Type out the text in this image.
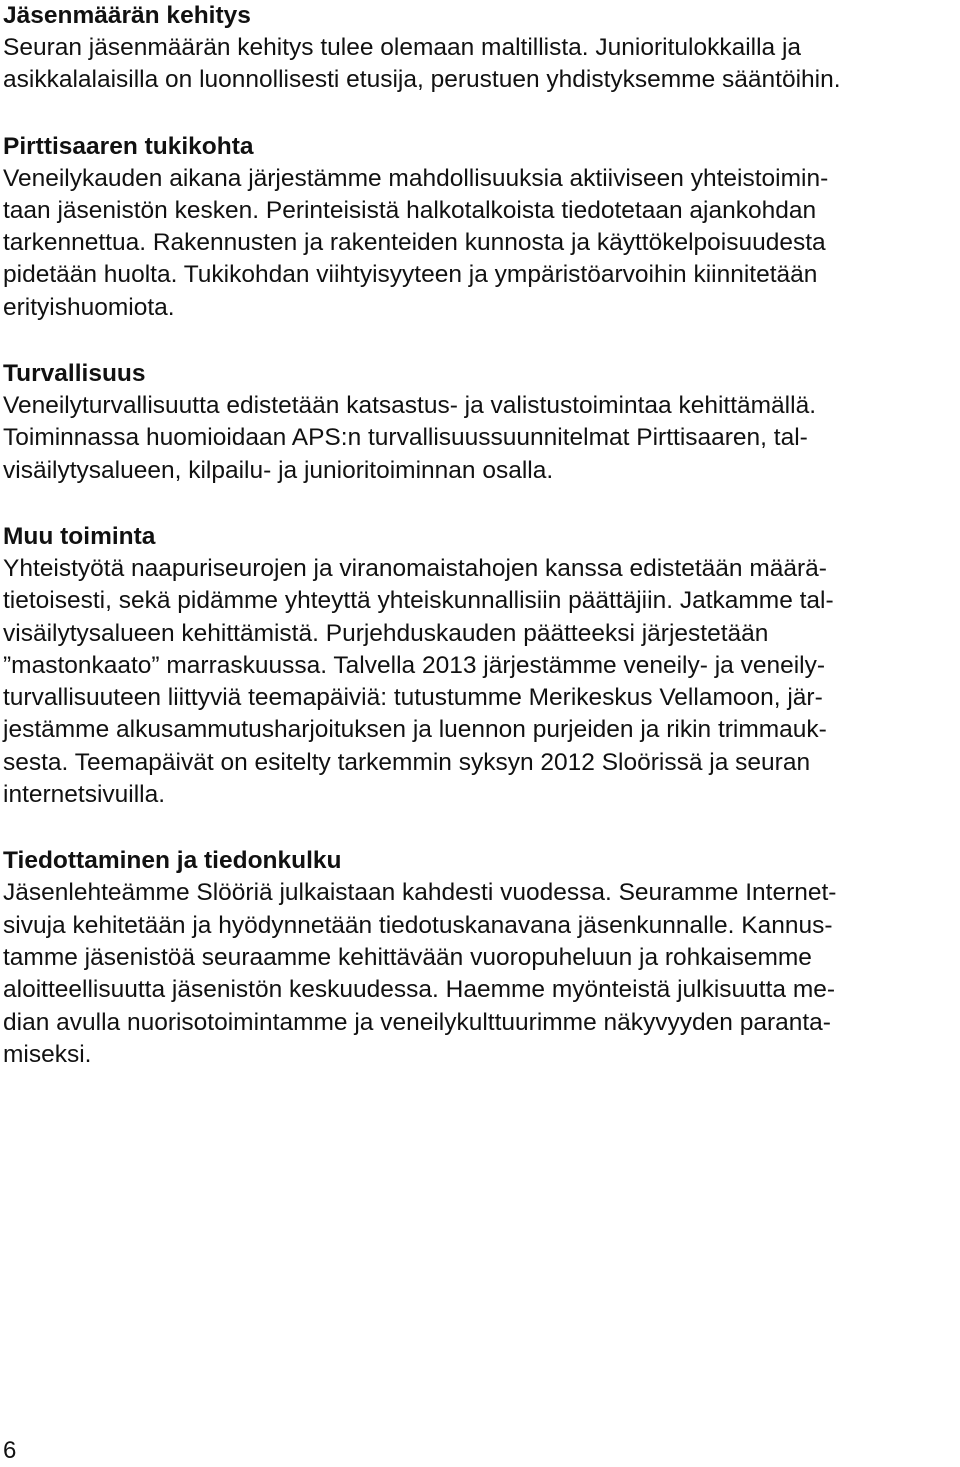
Jäsenmäärän kehitys
Seuran jäsenmäärän kehitys tulee olemaan maltillista. Junioritulokkailla ja
asikkalalaisilla on luonnollisesti etusija, perustuen yhdistyksemme sääntöihin.
Pirttisaaren tukikohta
Veneilykauden aikana järjestämme mahdollisuuksia aktiiviseen yhteistoimin-
taan jäsenistön kesken. Perinteisistä halkotalkoista tiedotetaan ajankohdan
tarkennettua. Rakennusten ja rakenteiden kunnosta ja käyttökelpoisuudesta
pidetään huolta. Tukikohdan viihtyisyyteen ja ympäristöarvoihin kiinnitetään
erityishuomiota.
Turvallisuus
Veneilyturvallisuutta edistetään katsastus- ja valistustoimintaa kehittämällä.
Toiminnassa huomioidaan APS:n turvallisuussuunnitelmat Pirttisaaren, tal-
visäilytysalueen, kilpailu- ja junioritoiminnan osalla.
Muu toiminta
Yhteistyötä naapuriseurojen ja viranomaistahojen kanssa edistetään määrä-
tietoisesti, sekä pidämme yhteyttä yhteiskunnallisiin päättäjiin. Jatkamme tal-
visäilytysalueen kehittämistä. Purjehduskauden päätteeksi järjestetään
”mastonkaato” marraskuussa. Talvella 2013 järjestämme veneily- ja veneily-
turvallisuuteen liittyviä teemapäiviä: tutustumme Merikeskus Vellamoon, jär-
jestämme alkusammutusharjoituksen ja luennon purjeiden ja rikin trimmauk-
sesta. Teemapäivät on esitelty tarkemmin syksyn 2012 Sloörissä ja seuran
internetsivuilla.
Tiedottaminen ja tiedonkulku
Jäsenlehteämme Slööriä julkaistaan kahdesti vuodessa. Seuramme Internet-
sivuja kehitetään ja hyödynnetään tiedotuskanavana jäsenkunnalle. Kannus-
tamme jäsenistöä seuraamme kehittävään vuoropuheluun ja rohkaisemme
aloitteellisuutta jäsenistön keskuudessa. Haemme myönteistä julkisuutta me-
dian avulla nuorisotoimintamme ja veneilykulttuurimme näkyvyyden paranta-
miseksi.
6
